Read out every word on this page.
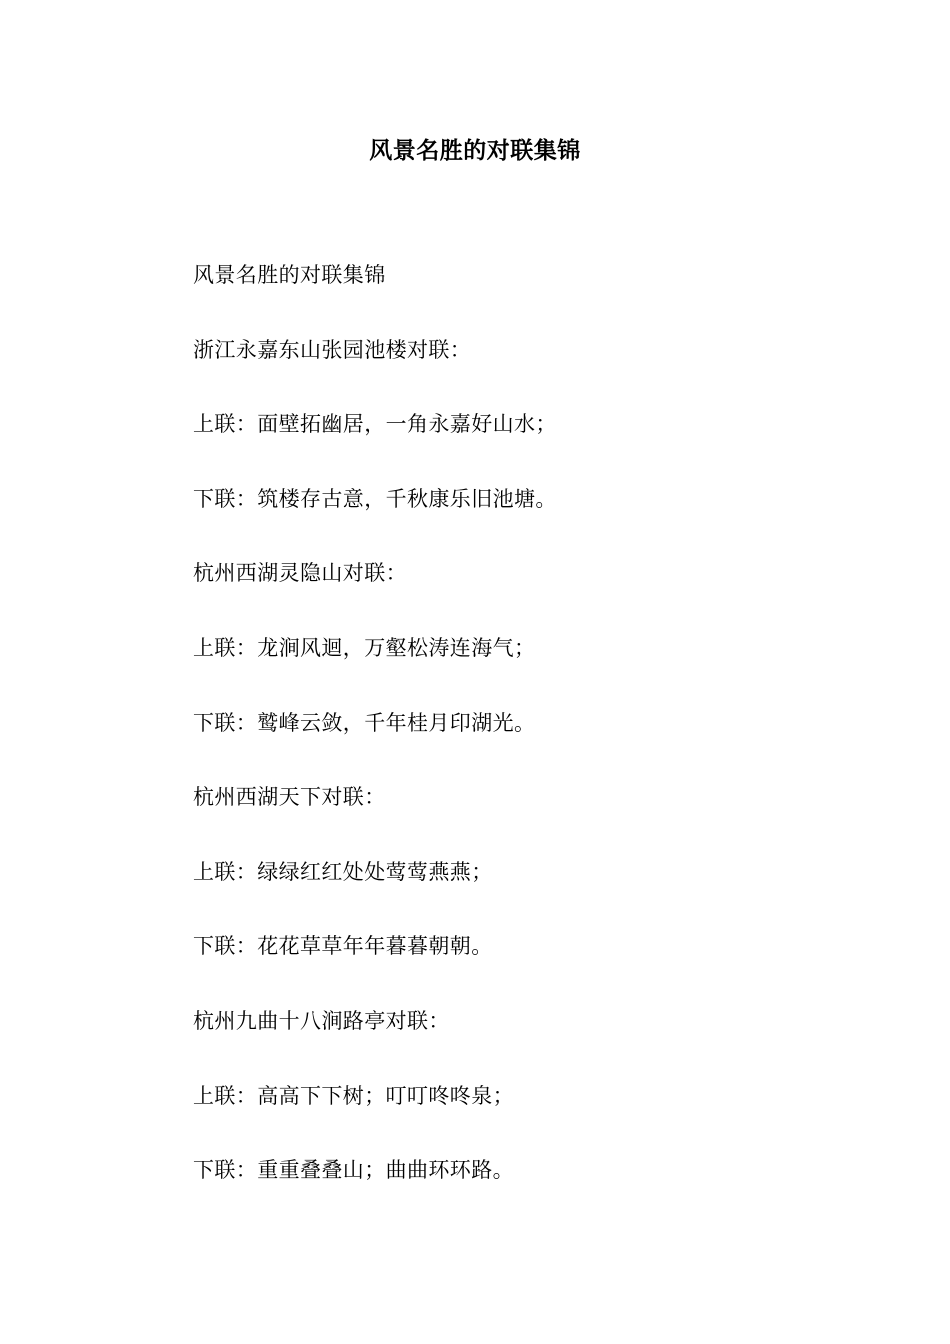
风景名胜的对联集锦
风景名胜的对联集锦
浙江永嘉东山张园池楼对联：
上联：面壁拓幽居，一角永嘉好山水；
下联：筑楼存古意，千秋康乐旧池塘。
杭州西湖灵隐山对联：
上联：龙涧风迴，万壑松涛连海气；
下联：鹫峰云敛，千年桂月印湖光。
杭州西湖天下对联：
上联：绿绿红红处处莺莺燕燕；
下联：花花草草年年暮暮朝朝。
杭州九曲十八涧路亭对联：
上联：高高下下树；叮叮咚咚泉；
下联：重重叠叠山；曲曲环环路。
